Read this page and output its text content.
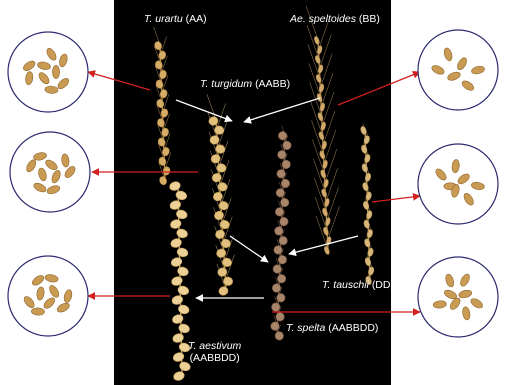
T. urartu (AA)	Ae. speltoides (BB)
T. turgidum (AABB)
T. tauschii (DD)
T. spelta (AABBDD)
T. aestivum
(AABBDD)
